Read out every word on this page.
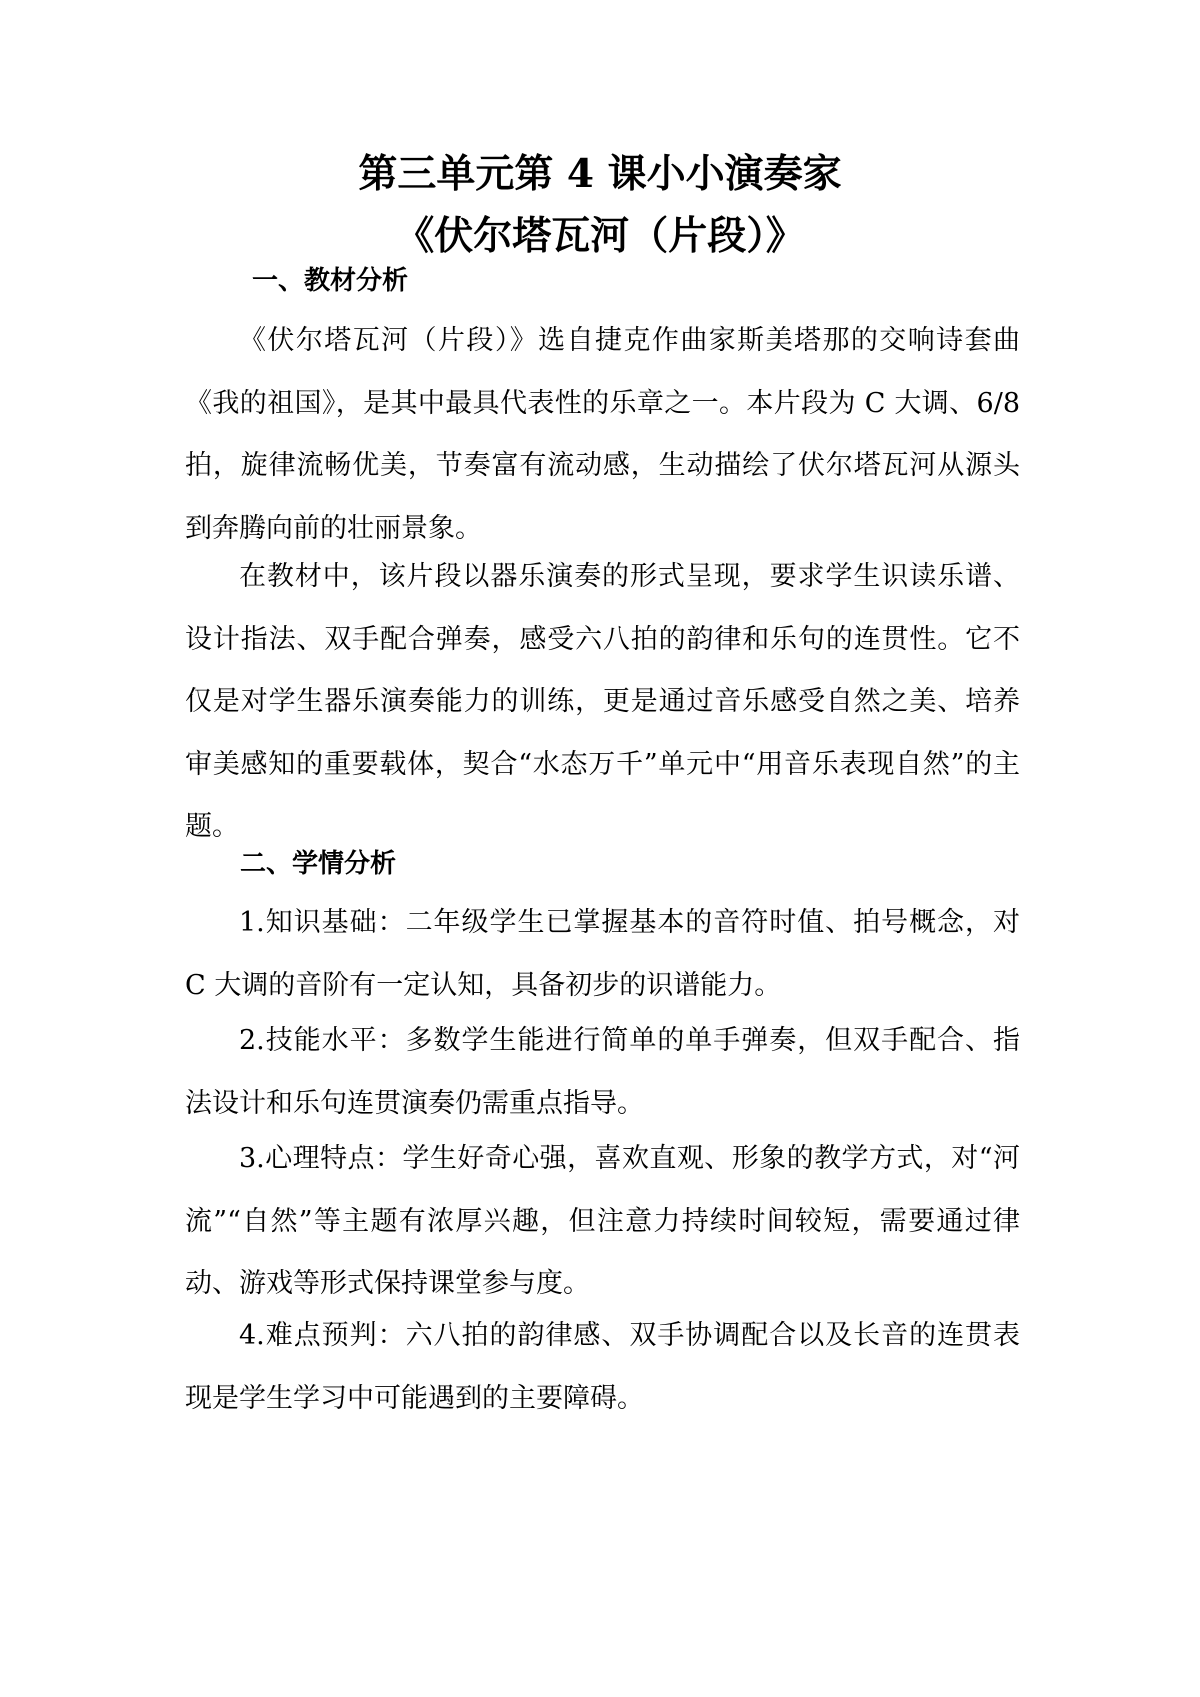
第三单元第 4 课小小演奏家
《伏尔塔瓦河（片段）》
一、教材分析

《伏尔塔瓦河（片段）》选自捷克作曲家斯美塔那的交响诗套曲《我的祖国》，是其中最具代表性的乐章之一。本片段为 C 大调、6/8 拍，旋律流畅优美，节奏富有流动感，生动描绘了伏尔塔瓦河从源头到奔腾向前的壮丽景象。

在教材中，该片段以器乐演奏的形式呈现，要求学生识读乐谱、设计指法、双手配合弹奏，感受六八拍的韵律和乐句的连贯性。它不仅是对学生器乐演奏能力的训练，更是通过音乐感受自然之美、培养审美感知的重要载体，契合“水态万千”单元中“用音乐表现自然”的主题。

二、学情分析

1.知识基础：二年级学生已掌握基本的音符时值、拍号概念，对 C 大调的音阶有一定认知，具备初步的识谱能力。

2.技能水平：多数学生能进行简单的单手弹奏，但双手配合、指法设计和乐句连贯演奏仍需重点指导。

3.心理特点：学生好奇心强，喜欢直观、形象的教学方式，对“河流”“自然”等主题有浓厚兴趣，但注意力持续时间较短，需要通过律动、游戏等形式保持课堂参与度。

4.难点预判：六八拍的韵律感、双手协调配合以及长音的连贯表现是学生学习中可能遇到的主要障碍。
